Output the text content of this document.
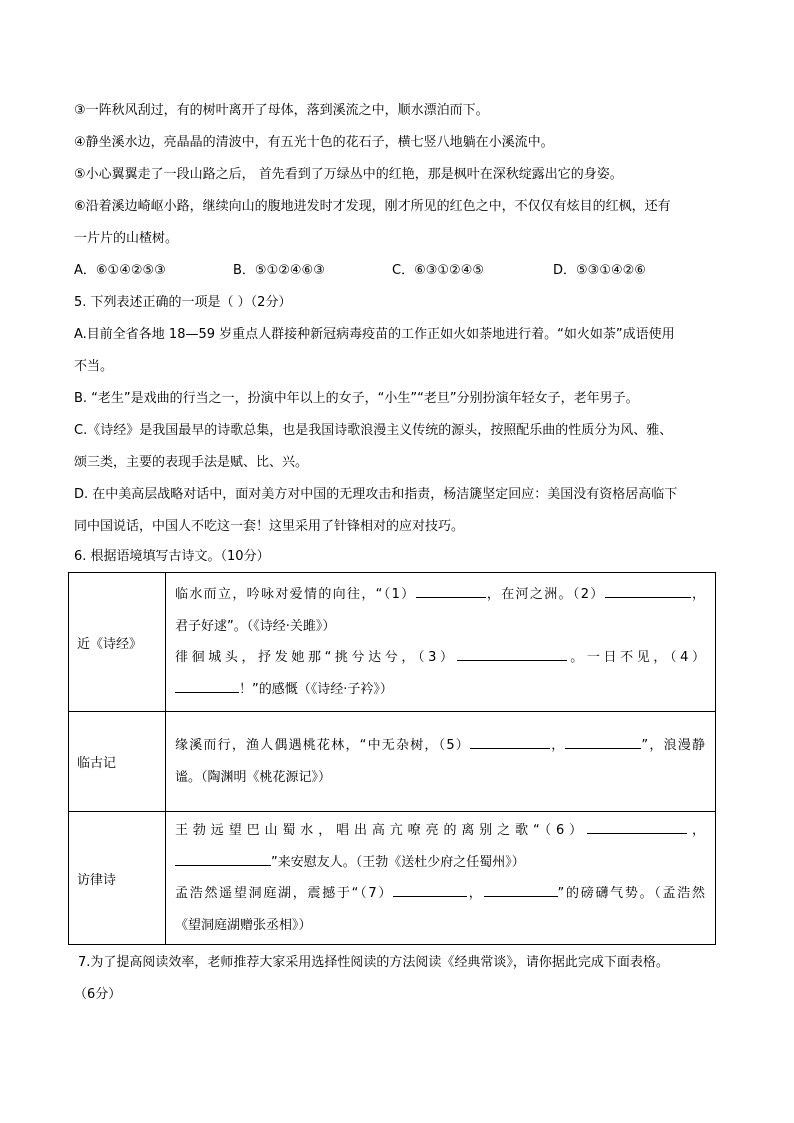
③一阵秋风刮过，有的树叶离开了母体，落到溪流之中，顺水漂泊而下。
④静坐溪水边，亮晶晶的清波中，有五光十色的花石子，横七竖八地躺在小溪流中。
⑤小心翼翼走了一段山路之后， 首先看到了万绿丛中的红艳，那是枫叶在深秋绽露出它的身姿。
⑥沿着溪边崎岖小路，继续向山的腹地进发时才发现，刚才所见的红色之中，不仅仅有炫目的红枫，还有
一片片的山楂树。
A．⑥①④②⑤③	B．⑤①②④⑥③	C．⑥③①②④⑤	D．⑤③①④②⑥
5. 下列表述正确的一项是（ ）（2分）
A.目前全省各地 18—59 岁重点人群接种新冠病毒疫苗的工作正如火如荼地进行着。“如火如荼”成语使用
不当。
B. “老生”是戏曲的行当之一，扮演中年以上的女子，“小生”“老旦”分别扮演年轻女子，老年男子。
C.《诗经》是我国最早的诗歌总集，也是我国诗歌浪漫主义传统的源头，按照配乐曲的性质分为风、雅、
颂三类，主要的表现手法是赋、比、兴。
D. 在中美高层战略对话中，面对美方对中国的无理攻击和指责，杨洁篪坚定回应：美国没有资格居高临下
同中国说话，中国人不吃这一套！这里采用了针锋相对的应对技巧。
6. 根据语境填写古诗文。（10分）
近《诗经》	临水而立，吟咏对爱情的向往，“（1） ，在河之洲。（2） ，
君子好逑”。（《诗经·关雎》）
徘徊城头，抒发她那“挑兮达兮，（3） 。一日不见，（4）
！”的感慨（《诗经·子衿》）

临古记	缘溪而行，渔人偶遇桃花林，“中无杂树，（5） ， ”，浪漫静
谧。（陶渊明《桃花源记》）

访律诗	王勃远望巴山蜀水，唱出高亢嘹亮的离别之歌“（6） ，
”来安慰友人。（王勃《送杜少府之任蜀州》）
孟浩然遥望洞庭湖，震撼于“（7） ， ”的磅礴气势。（孟浩然
《望洞庭湖赠张丞相》）
7.为了提高阅读效率，老师推荐大家采用选择性阅读的方法阅读《经典常谈》，请你据此完成下面表格。
（6分）
